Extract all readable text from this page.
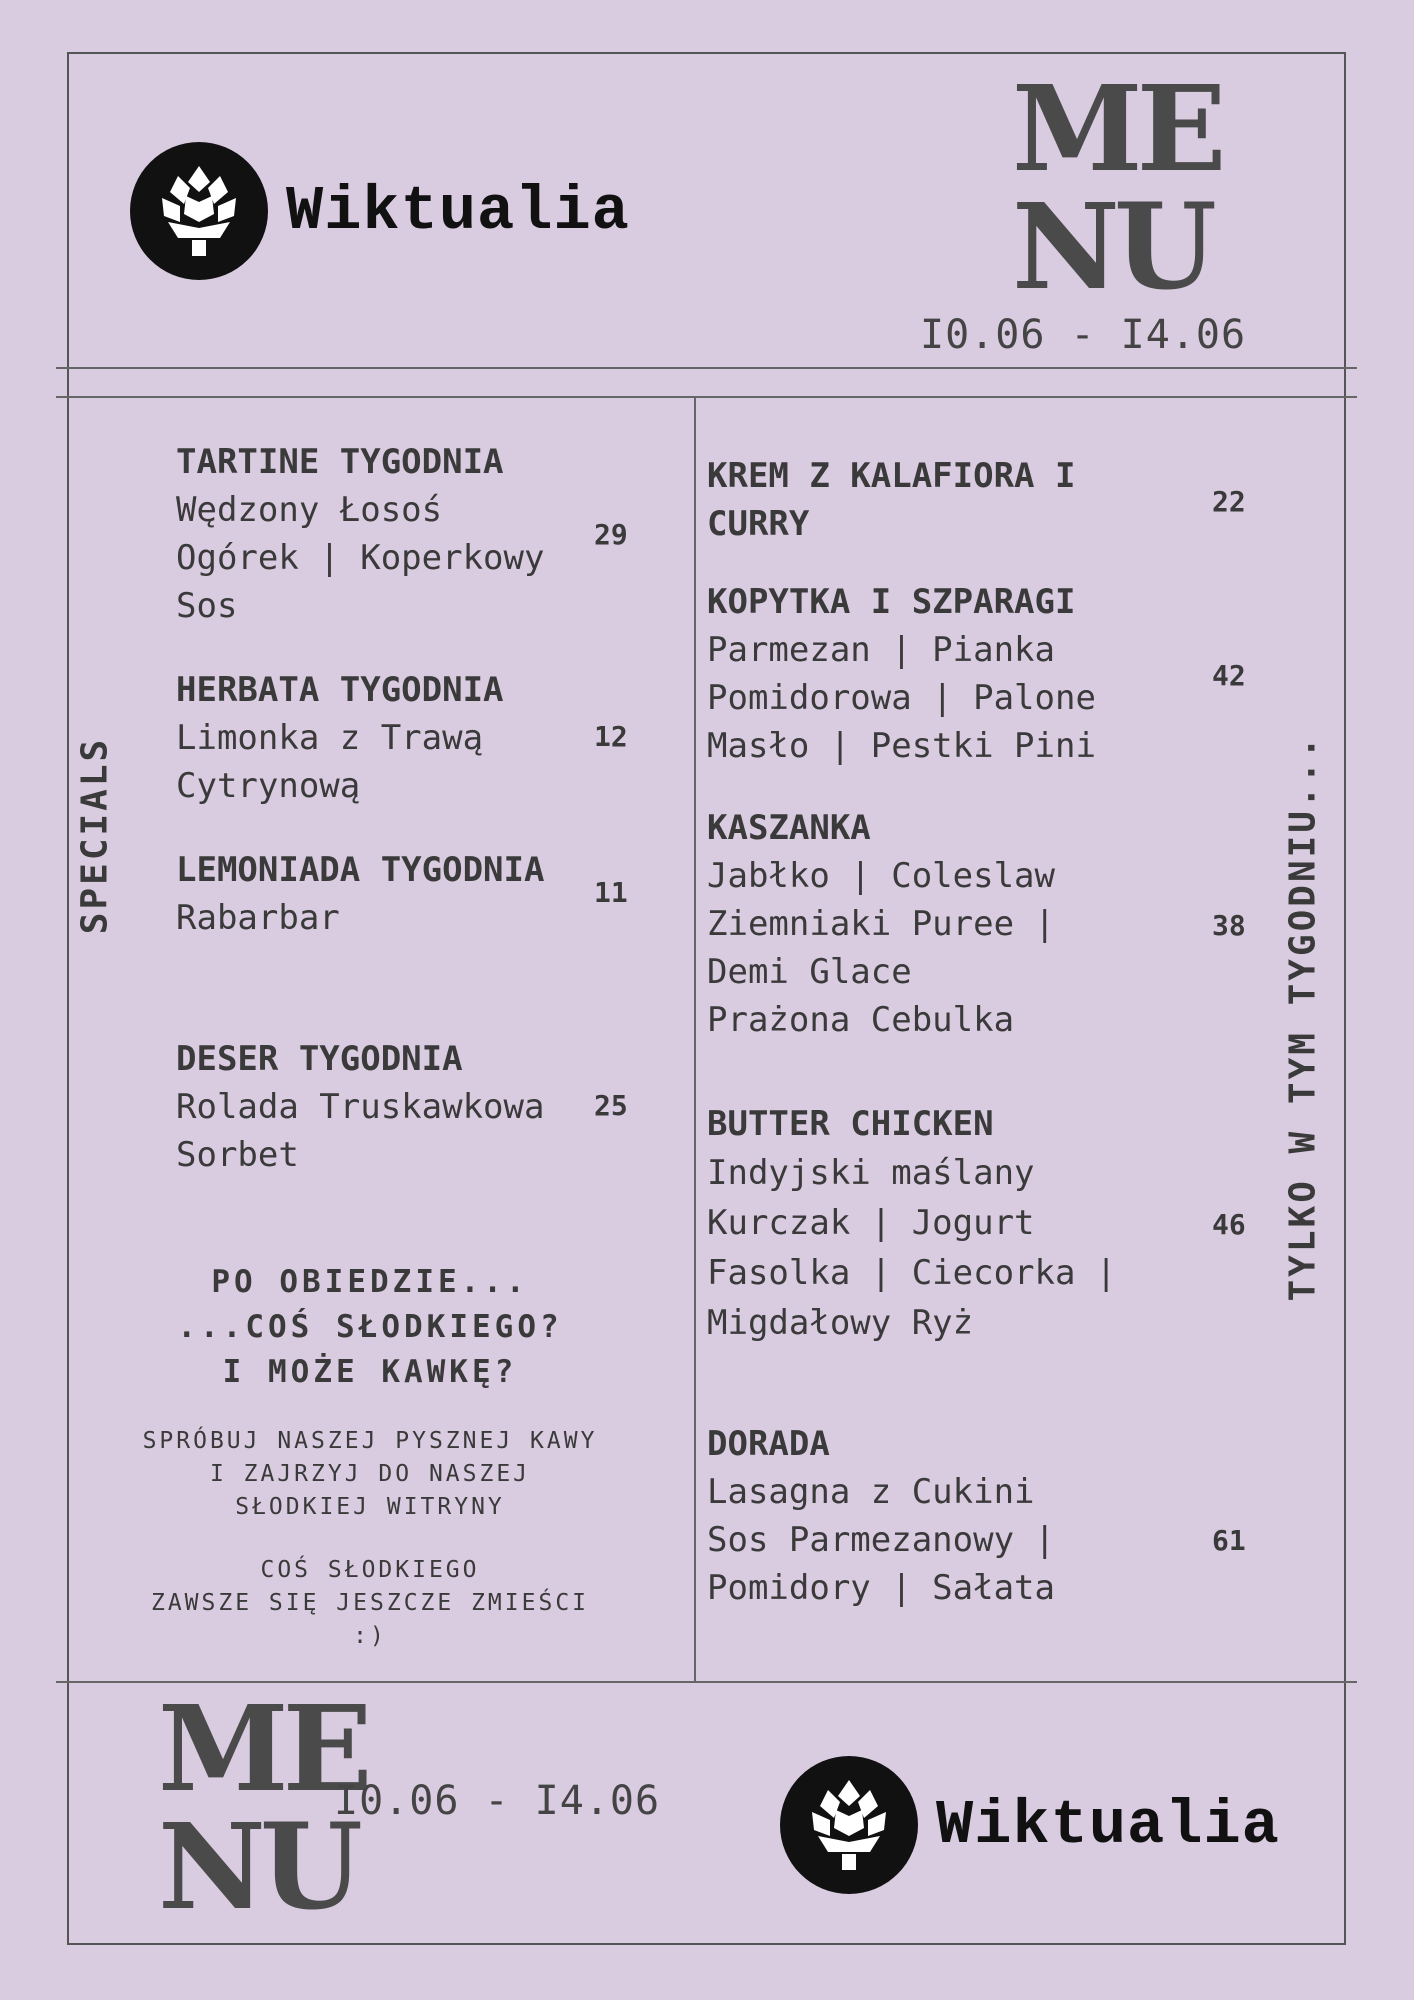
Wiktualia
ME
NU
I0.06 - I4.06
SPECIALS	TYLKO W TYM TYGODNIU...
TARTINE TYGODNIA
Wędzony Łosoś
Ogórek | Koperkowy
Sos
29
HERBATA TYGODNIA
Limonka z Trawą
Cytrynową
12
LEMONIADA TYGODNIA
Rabarbar
11
DESER TYGODNIA
Rolada Truskawkowa
Sorbet
25
PO OBIEDZIE...
...COŚ SŁODKIEGO?
I MOŻE KAWKĘ?
SPRÓBUJ NASZEJ PYSZNEJ KAWY
I ZAJRZYJ DO NASZEJ
SŁODKIEJ WITRYNY
COŚ SŁODKIEGO
ZAWSZE SIĘ JESZCZE ZMIEŚCI
:)
KREM Z KALAFIORA I
CURRY
22
KOPYTKA I SZPARAGI
Parmezan | Pianka
Pomidorowa | Palone
Masło | Pestki Pini
42
KASZANKA
Jabłko | Coleslaw
Ziemniaki Puree |
Demi Glace
Prażona Cebulka
38
BUTTER CHICKEN
Indyjski maślany
Kurczak | Jogurt
Fasolka | Ciecorka |
Migdałowy Ryż
46
DORADA
Lasagna z Cukini
Sos Parmezanowy |
Pomidory | Sałata
61
ME
NU
I0.06 - I4.06	Wiktualia
